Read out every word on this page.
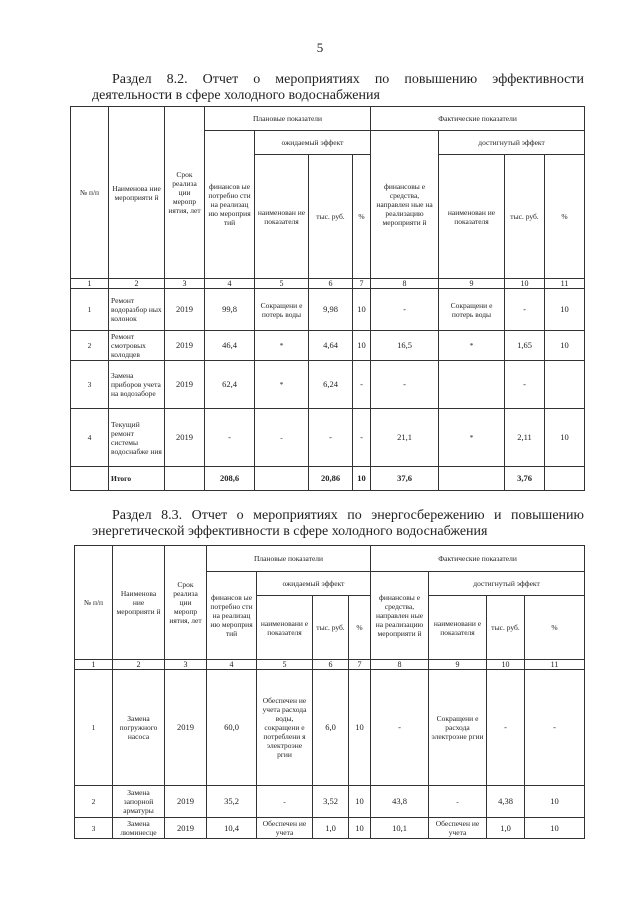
5
Раздел 8.2. Отчет о мероприятиях по повышению эффективности
деятельности в сфере холодного водоснабжения
№ п/п	Наименова ние мероприяти й	Срок реализа ции меропр иятия, лет	Плановые показатели				Фактические показатели			
			финансов ые потребно сти на реализац ию мероприя тий	ожидаемый эффект			финансовы е средства, направлен ные на реализацию мероприяти й	достигнутый эффект		
				наименован ие показателя	тыс. руб.	%		наименован ие показателя	тыс. руб.	%
1	2	3	4	5	6	7	8	9	10	11
1	Ремонт водоразбор ных колонок	2019	99,8	Сокращени е потерь воды	9,98	10	-	Сокращени е потерь воды	-	10
2	Ремонт смотровых колодцев	2019	46,4	*	4,64	10	16,5	*	1,65	10
3	Замена приборов учета на водозаборе	2019	62,4	*	6,24	-	-		-	
4	Текущий ремонт системы водоснабже ния	2019	-	-	-	-	21,1	*	2,11	10
	Итого		208,6		20,86	10	37,6		3,76	
Раздел 8.3. Отчет о мероприятиях по энергосбережению и повышению
энергетической эффективности в сфере холодного водоснабжения
№ п/п	Наименова ние мероприяти й	Срок реализа ции меропр иятия, лет	Плановые показатели				Фактические показатели			
			финансов ые потребно сти на реализац ию мероприя тий	ожидаемый эффект			финансовы е средства, направлен ные на реализацию мероприяти й	достигнутый эффект		
				наименовани е показателя	тыс. руб.	%		наименовани е показателя	тыс. руб.	%
1	2	3	4	5	6	7	8	9	10	11
1	Замена погружного насоса	2019	60,0	Обеспечен ие учета расхода воды, сокращени е потреблени я электроэне ргии	6,0	10	-	Сокращени е расхода электроэне ргии	-	-
2	Замена запорной арматуры	2019	35,2	-	3,52	10	43,8	-	4,38	10
3	Замена люминесце	2019	10,4	Обеспечен ие учета	1,0	10	10,1	Обеспечен ие учета	1,0	10
